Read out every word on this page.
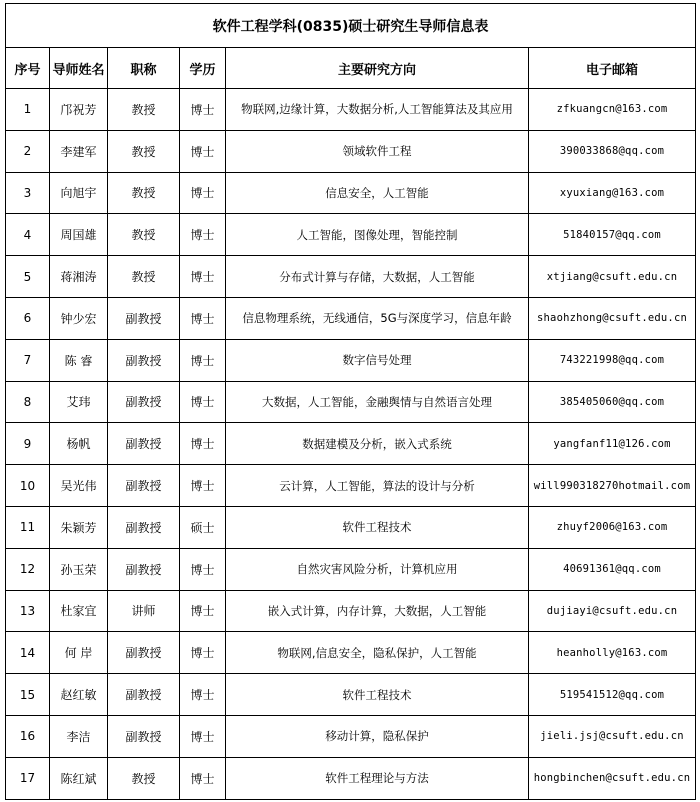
软件工程学科(0835)硕士研究生导师信息表					
序号	导师姓名	职称	学历	主要研究方向	电子邮箱
1	邝祝芳	教授	博士	物联网,边缘计算，大数据分析,人工智能算法及其应用	zfkuangcn@163.com
2	李建军	教授	博士	领域软件工程	390033868@qq.com
3	向旭宇	教授	博士	信息安全，人工智能	xyuxiang@163.com
4	周国雄	教授	博士	人工智能，图像处理，智能控制	51840157@qq.com
5	蒋湘涛	教授	博士	分布式计算与存储，大数据，人工智能	xtjiang@csuft.edu.cn
6	钟少宏	副教授	博士	信息物理系统，无线通信，5G与深度学习，信息年龄	shaohzhong@csuft.edu.cn
7	陈 睿	副教授	博士	数字信号处理	743221998@qq.com
8	艾玮	副教授	博士	大数据，人工智能，金融舆情与自然语言处理	385405060@qq.com
9	杨帆	副教授	博士	数据建模及分析，嵌入式系统	yangfanf11@126.com
10	吴光伟	副教授	博士	云计算，人工智能，算法的设计与分析	will990318270hotmail.com
11	朱颖芳	副教授	硕士	软件工程技术	zhuyf2006@163.com
12	孙玉荣	副教授	博士	自然灾害风险分析，计算机应用	40691361@qq.com
13	杜家宜	讲师	博士	嵌入式计算，内存计算，大数据，人工智能	dujiayi@csuft.edu.cn
14	何 岸	副教授	博士	物联网,信息安全，隐私保护，人工智能	heanholly@163.com
15	赵红敏	副教授	博士	软件工程技术	519541512@qq.com
16	李洁	副教授	博士	移动计算，隐私保护	jieli.jsj@csuft.edu.cn
17	陈红斌	教授	博士	软件工程理论与方法	hongbinchen@csuft.edu.cn
